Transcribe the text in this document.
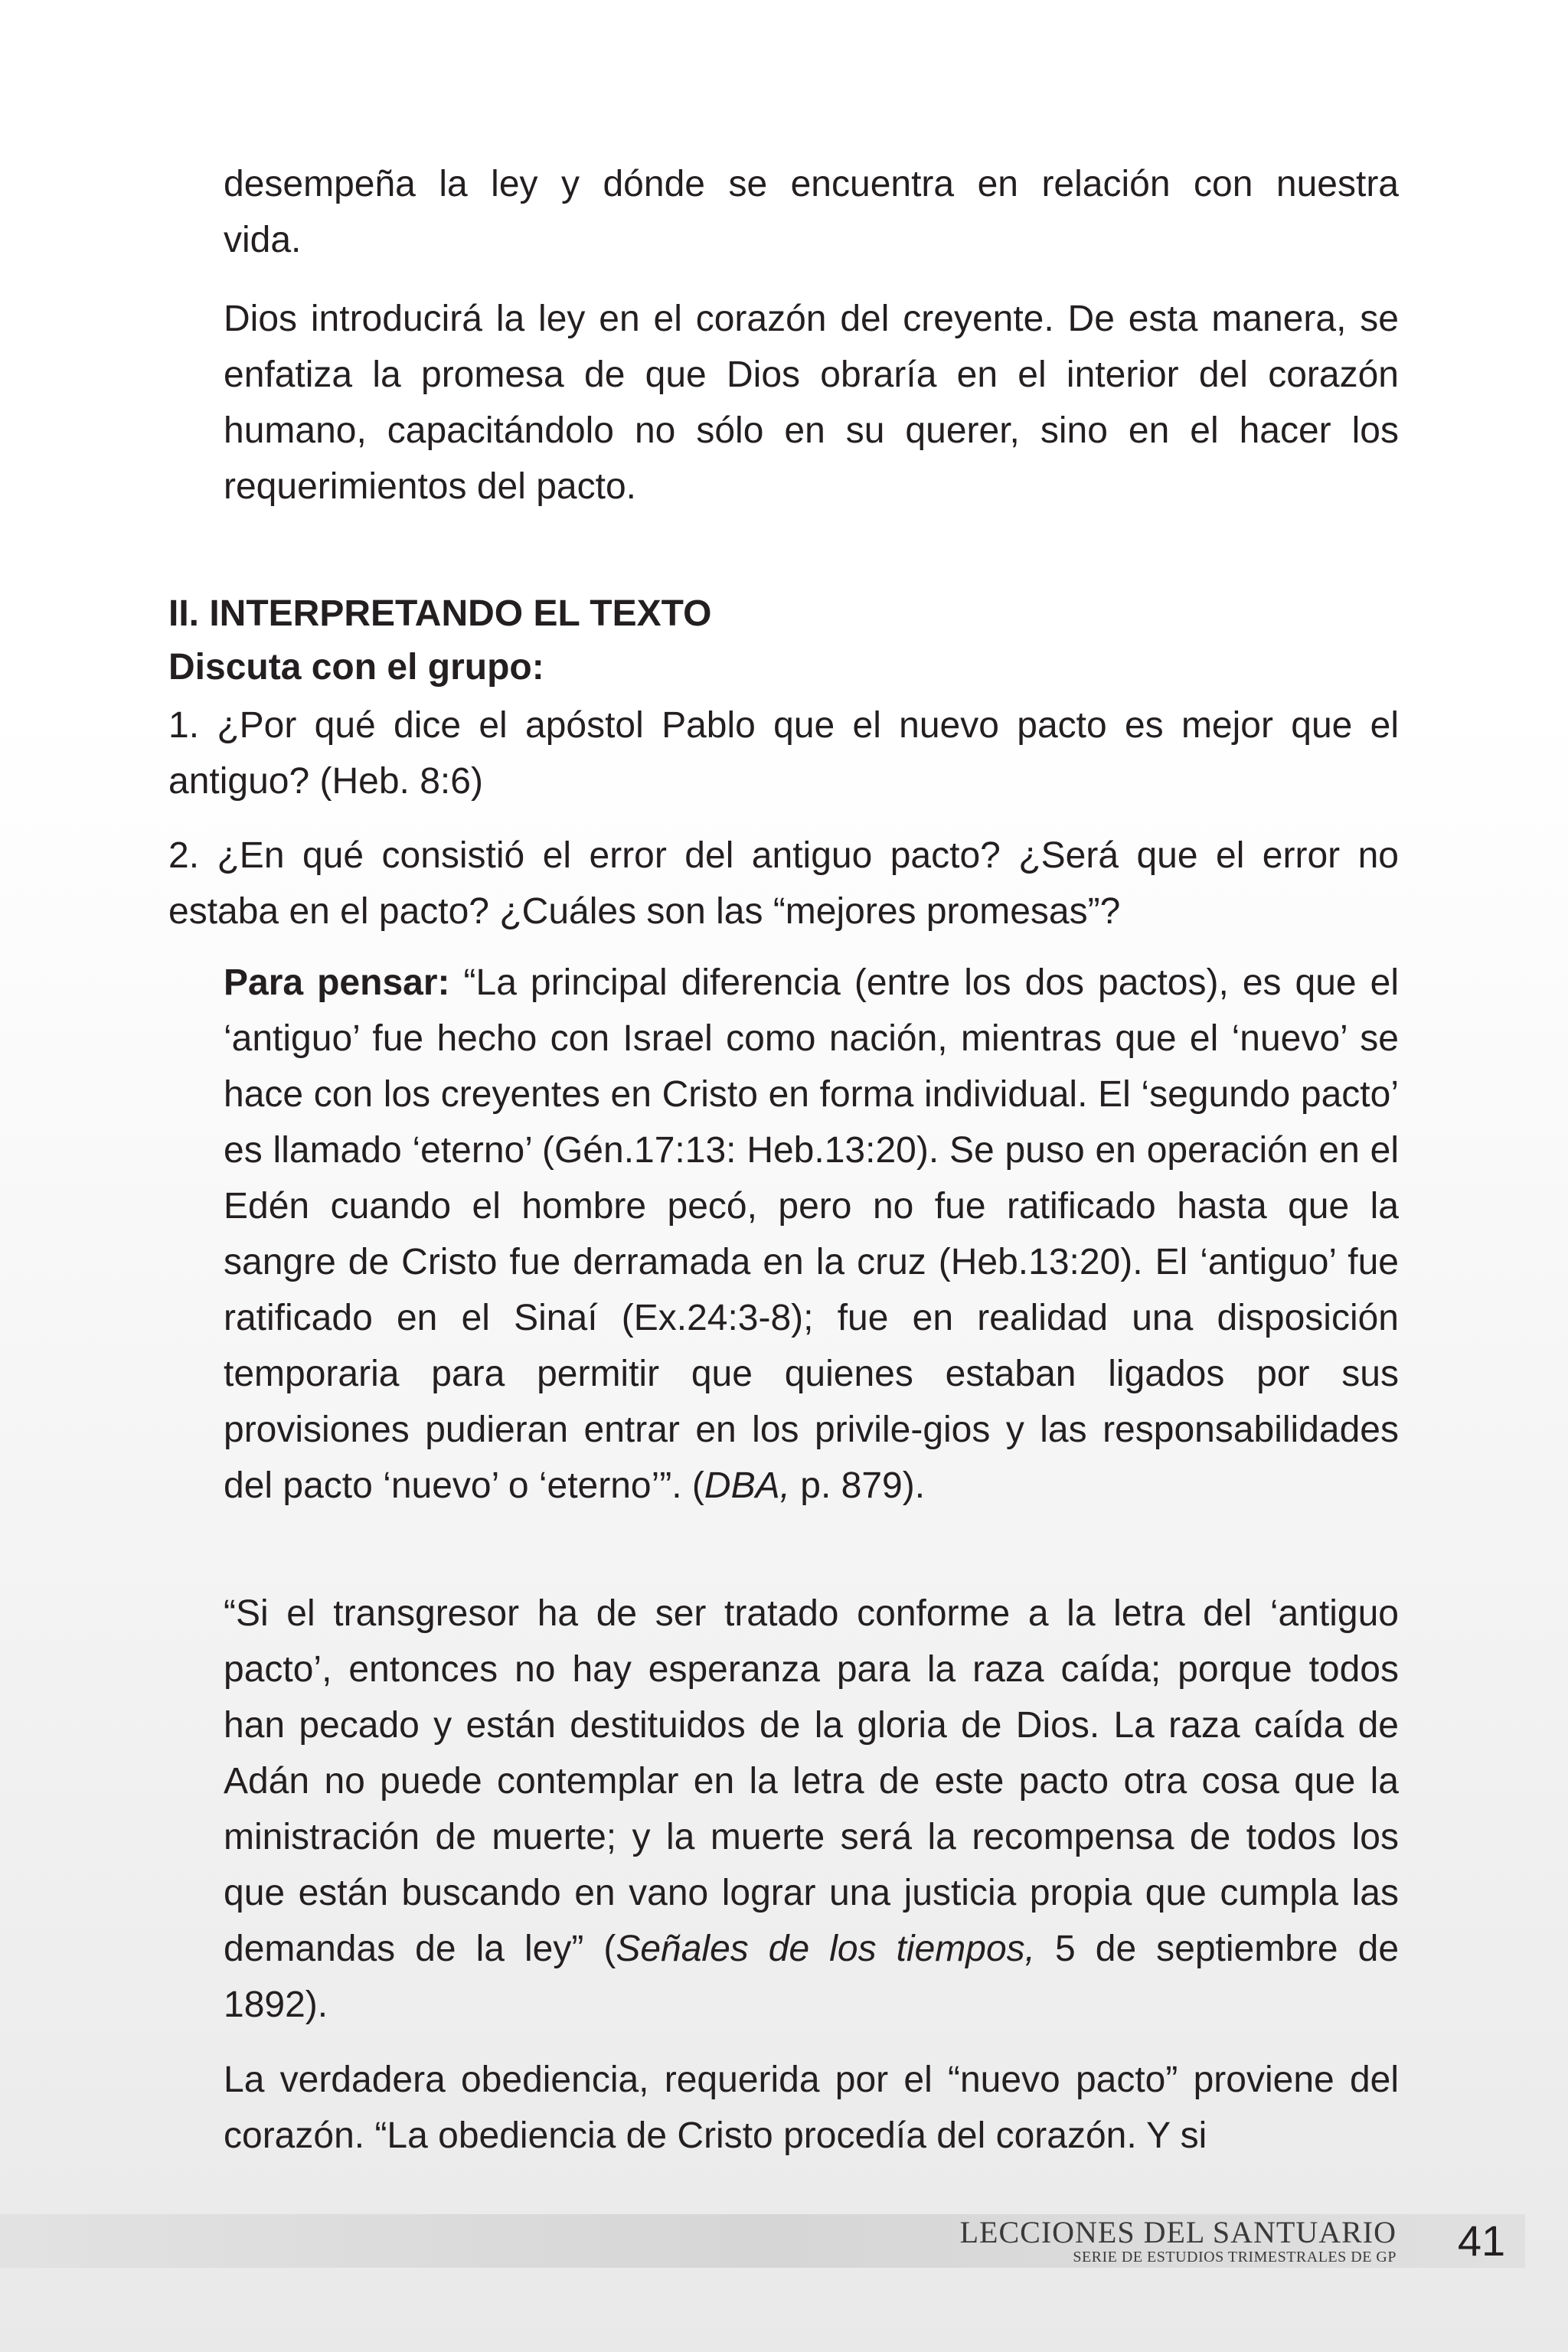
desempeña la ley y dónde se encuentra en relación con nuestra
vida.

Dios introducirá la ley en el corazón del creyente. De esta manera, se enfatiza la promesa de que Dios obraría en el interior del corazón humano, capacitándolo no sólo en su querer, sino en el hacer los requerimientos del pacto.

II. INTERPRETANDO EL TEXTO
Discuta con el grupo:

1. ¿Por qué dice el apóstol Pablo que el nuevo pacto es mejor que el antiguo? (Heb. 8:6)

2. ¿En qué consistió el error del antiguo pacto? ¿Será que el error no estaba en el pacto? ¿Cuáles son las “mejores promesas”?

Para pensar: “La principal diferencia (entre los dos pactos), es que el ‘antiguo’ fue hecho con Israel como nación, mientras que el ‘nuevo’ se hace con los creyentes en Cristo en forma individual. El ‘segundo pacto’ es llamado ‘eterno’ (Gén.17:13: Heb.13:20). Se puso en operación en el Edén cuando el hombre pecó, pero no fue ratificado hasta que la sangre de Cristo fue derramada en la cruz (Heb.13:20). El ‘antiguo’ fue ratificado en el Sinaí (Ex.24:3-8); fue en realidad una disposición temporaria para permitir que quienes estaban ligados por sus provisiones pudieran entrar en los privile-gios y las responsabilidades del pacto ‘nuevo’ o ‘eterno’”. (DBA, p. 879).

“Si el transgresor ha de ser tratado conforme a la letra del ‘antiguo pacto’, entonces no hay esperanza para la raza caída; porque todos han pecado y están destituidos de la gloria de Dios. La raza caída de Adán no puede contemplar en la letra de este pacto otra cosa que la ministración de muerte; y la muerte será la recompensa de todos los que están buscando en vano lograr una justicia propia que cumpla las demandas de la ley” (Señales de los tiempos, 5 de septiembre de 1892).

La verdadera obediencia, requerida por el “nuevo pacto” proviene del corazón. “La obediencia de Cristo procedía del corazón. Y si

LECCIONES DEL SANTUARIO
SERIE DE ESTUDIOS TRIMESTRALES DE GP 41
